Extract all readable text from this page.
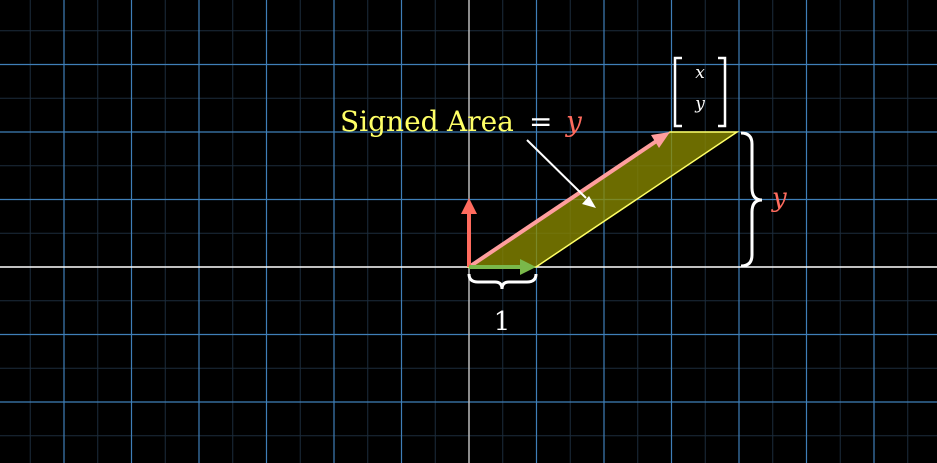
1
y
x
y
Signed Area = y
